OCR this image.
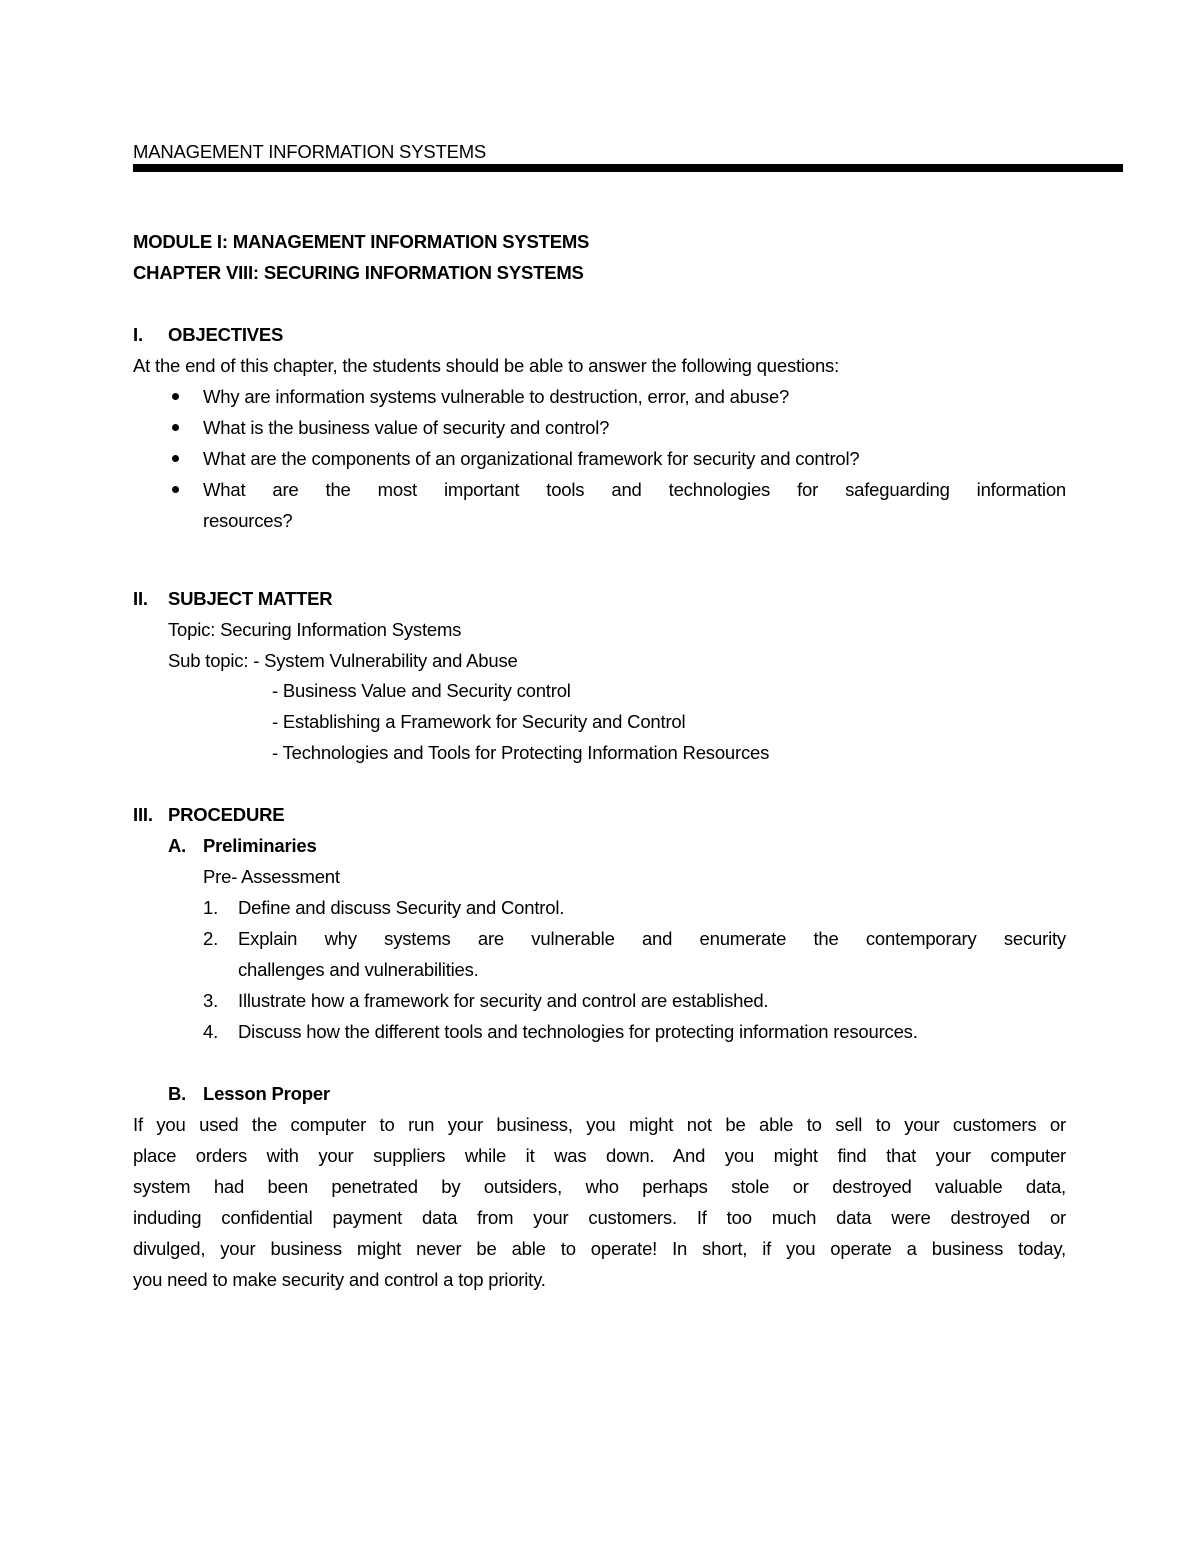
MANAGEMENT INFORMATION SYSTEMS
MODULE I: MANAGEMENT INFORMATION SYSTEMS
CHAPTER VIII: SECURING INFORMATION SYSTEMS
I. OBJECTIVES
At the end of this chapter, the students should be able to answer the following questions:
Why are information systems vulnerable to destruction, error, and abuse?
What is the business value of security and control?
What are the components of an organizational framework for security and control?
What are the most important tools and technologies for safeguarding information
resources?
II. SUBJECT MATTER
Topic: Securing Information Systems
Sub topic: - System Vulnerability and Abuse
- Business Value and Security control
- Establishing a Framework for Security and Control
- Technologies and Tools for Protecting Information Resources
III. PROCEDURE
A. Preliminaries
Pre- Assessment
1. Define and discuss Security and Control.
2. Explain why systems are vulnerable and enumerate the contemporary security
challenges and vulnerabilities.
3. Illustrate how a framework for security and control are established.
4. Discuss how the different tools and technologies for protecting information resources.
B. Lesson Proper
If you used the computer to run your business, you might not be able to sell to your customers or
place orders with your suppliers while it was down. And you might find that your computer
system had been penetrated by outsiders, who perhaps stole or destroyed valuable data,
induding confidential payment data from your customers. If too much data were destroyed or
divulged, your business might never be able to operate! In short, if you operate a business today,
you need to make security and control a top priority.
